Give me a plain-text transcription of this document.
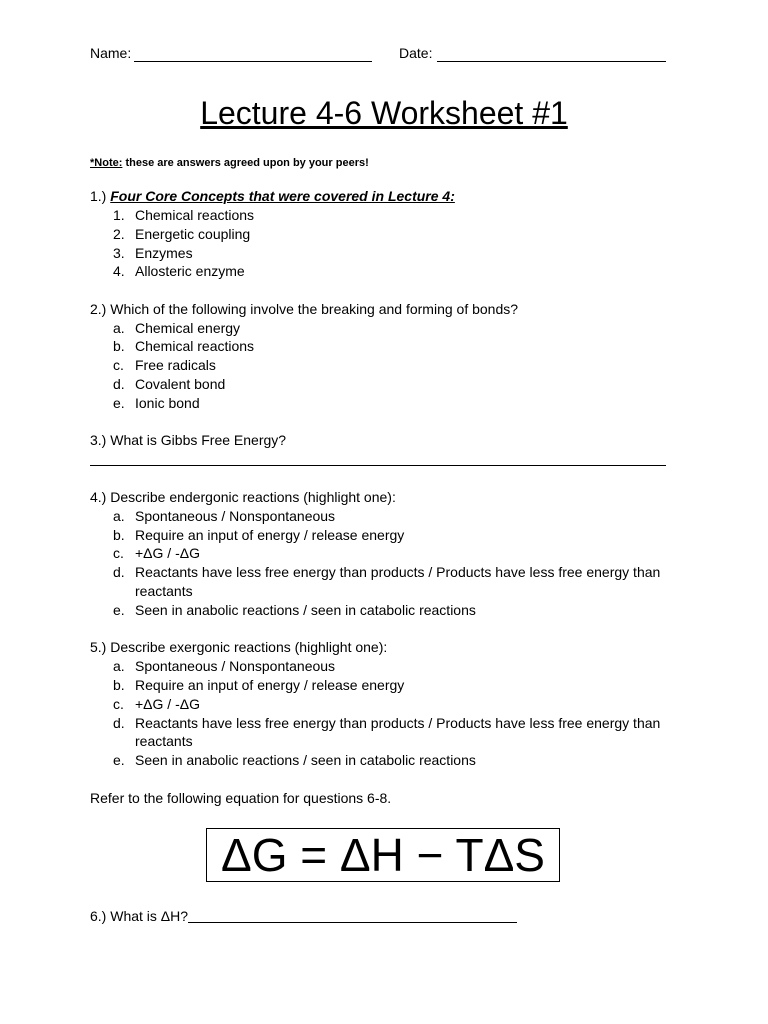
Name:	Date:
Lecture 4-6 Worksheet #1
*Note: these are answers agreed upon by your peers!
1.) Four Core Concepts that were covered in Lecture 4:
1. Chemical reactions
2. Energetic coupling
3. Enzymes
4. Allosteric enzyme
2.) Which of the following involve the breaking and forming of bonds?
a. Chemical energy
b. Chemical reactions
c. Free radicals
d. Covalent bond
e. Ionic bond
3.) What is Gibbs Free Energy?
4.) Describe endergonic reactions (highlight one):
a. Spontaneous / Nonspontaneous
b. Require an input of energy / release energy
c. +ΔG / -ΔG
d. Reactants have less free energy than products / Products have less free energy than
reactants
e. Seen in anabolic reactions / seen in catabolic reactions
5.) Describe exergonic reactions (highlight one):
a. Spontaneous / Nonspontaneous
b. Require an input of energy / release energy
c. +ΔG / -ΔG
d. Reactants have less free energy than products / Products have less free energy than
reactants
e. Seen in anabolic reactions / seen in catabolic reactions
Refer to the following equation for questions 6-8.
ΔG = ΔH − TΔS
6.) What is ΔH?
